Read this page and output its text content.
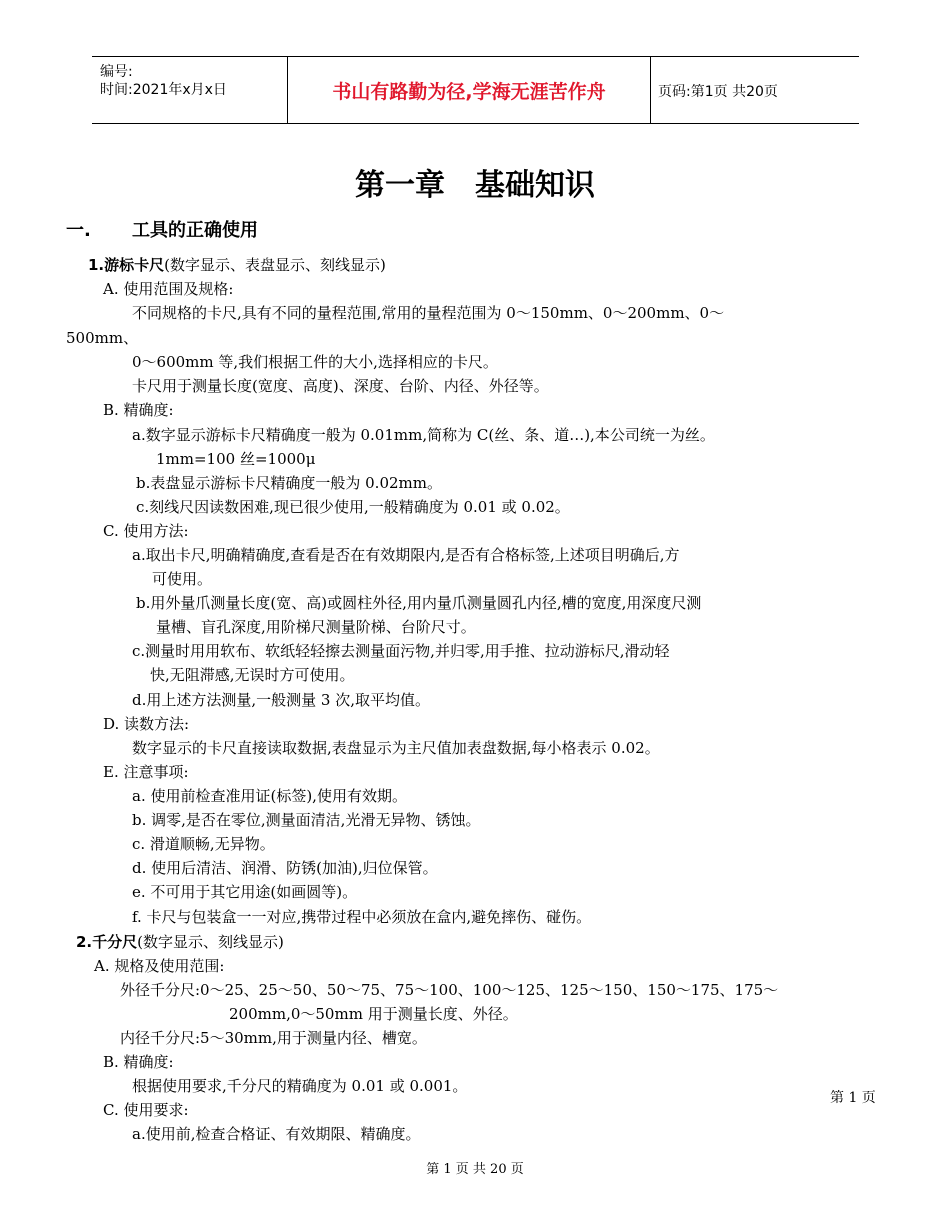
编号:
时间:2021年x月x日	书山有路勤为径,学海无涯苦作舟	页码:第1页 共20页
第一章　基础知识
一. 工具的正确使用
1.游标卡尺(数字显示、表盘显示、刻线显示)
A. 使用范围及规格:
不同规格的卡尺,具有不同的量程范围,常用的量程范围为 0～150mm、0～200mm、0～
500mm、
0～600mm 等,我们根据工件的大小,选择相应的卡尺。
卡尺用于测量长度(宽度、高度)、深度、台阶、内径、外径等。
B. 精确度:
a.数字显示游标卡尺精确度一般为 0.01mm,简称为 C(丝、条、道…),本公司统一为丝。
1mm=100 丝=1000μ
b.表盘显示游标卡尺精确度一般为 0.02mm。
c.刻线尺因读数困难,现已很少使用,一般精确度为 0.01 或 0.02。
C. 使用方法:
a.取出卡尺,明确精确度,查看是否在有效期限内,是否有合格标签,上述项目明确后,方
可使用。
b.用外量爪测量长度(宽、高)或圆柱外径,用内量爪测量圆孔内径,槽的宽度,用深度尺测
量槽、盲孔深度,用阶梯尺测量阶梯、台阶尺寸。
c.测量时用用软布、软纸轻轻擦去测量面污物,并归零,用手推、拉动游标尺,滑动轻
快,无阻滞感,无误时方可使用。
d.用上述方法测量,一般测量 3 次,取平均值。
D. 读数方法:
数字显示的卡尺直接读取数据,表盘显示为主尺值加表盘数据,每小格表示 0.02。
E. 注意事项:
a. 使用前检查准用证(标签),使用有效期。
b. 调零,是否在零位,测量面清洁,光滑无异物、锈蚀。
c. 滑道顺畅,无异物。
d. 使用后清洁、润滑、防锈(加油),归位保管。
e. 不可用于其它用途(如画圆等)。
f. 卡尺与包装盒一一对应,携带过程中必须放在盒内,避免摔伤、碰伤。
2.千分尺(数字显示、刻线显示)
A. 规格及使用范围:
外径千分尺:0～25、25～50、50～75、75～100、100～125、125～150、150～175、175～
200mm,0～50mm 用于测量长度、外径。
内径千分尺:5～30mm,用于测量内径、槽宽。
B. 精确度:
根据使用要求,千分尺的精确度为 0.01 或 0.001。
C. 使用要求:
a.使用前,检查合格证、有效期限、精确度。
第 1 页
第 1 页 共 20 页
